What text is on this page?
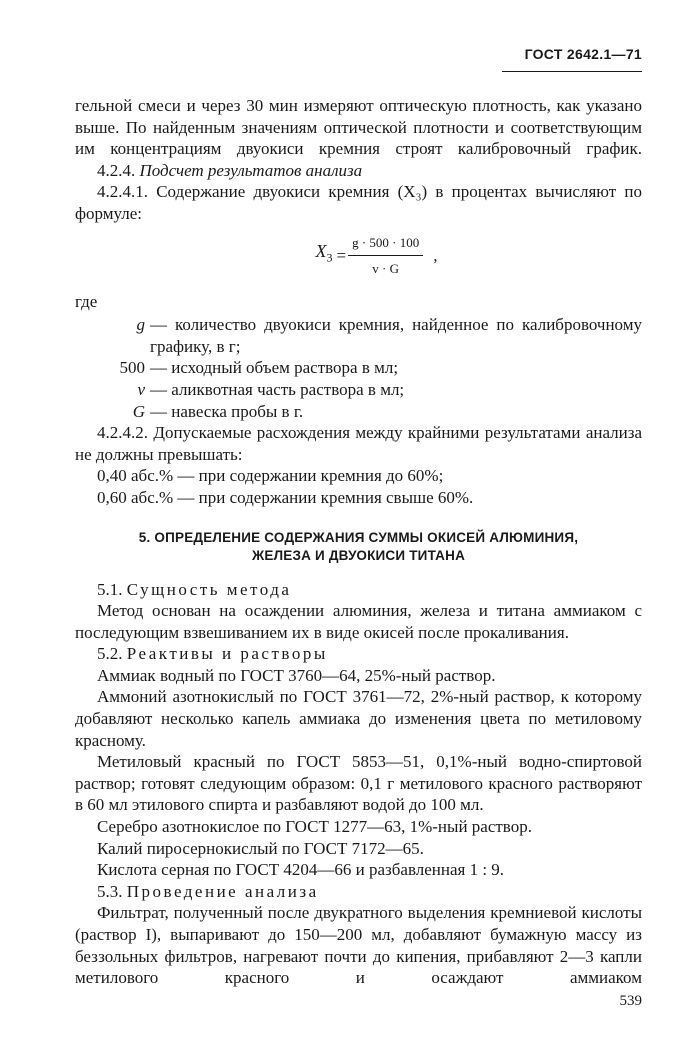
ГОСТ 2642.1—71

гельной смеси и через 30 мин измеряют оптическую плотность, как указано выше. По найденным значениям оптической плотности и соответствующим им концентрациям двуокиси кремния строят калибровочный график.

4.2.4. Подсчет результатов анализа

4.2.4.1. Содержание двуокиси кремния (X₃) в процентах вычисляют по формуле:

$X_3 = \frac{g \cdot 500 \cdot 100}{v \cdot G}$ ,

где

g — количество двуокиси кремния, найденное по калибровочному графику, в г;
500 — исходный объем раствора в мл;
v — аликвотная часть раствора в мл;
G — навеска пробы в г.

4.2.4.2. Допускаемые расхождения между крайними результатами анализа не должны превышать:

0,40 абс.% — при содержании кремния до 60%;

0,60 абс.% — при содержании кремния свыше 60%.

5. ОПРЕДЕЛЕНИЕ СОДЕРЖАНИЯ СУММЫ ОКИСЕЙ АЛЮМИНИЯ,
ЖЕЛЕЗА И ДВУОКИСИ ТИТАНА

5.1. Сущность метода

Метод основан на осаждении алюминия, железа и титана аммиаком с последующим взвешиванием их в виде окисей после прокаливания.

5.2. Реактивы и растворы

Аммиак водный по ГОСТ 3760—64, 25%-ный раствор.

Аммоний азотнокислый по ГОСТ 3761—72, 2%-ный раствор, к которому добавляют несколько капель аммиака до изменения цвета по метиловому красному.

Метиловый красный по ГОСТ 5853—51, 0,1%-ный водно-спиртовой раствор; готовят следующим образом: 0,1 г метилового красного растворяют в 60 мл этилового спирта и разбавляют водой до 100 мл.

Серебро азотнокислое по ГОСТ 1277—63, 1%-ный раствор.

Калий пиросернокислый по ГОСТ 7172—65.

Кислота серная по ГОСТ 4204—66 и разбавленная 1 : 9.

5.3. Проведение анализа

Фильтрат, полученный после двукратного выделения кремниевой кислоты (раствор I), выпаривают до 150—200 мл, добавляют бумажную массу из беззольных фильтров, нагревают почти до кипения, прибавляют 2—3 капли метилового красного и осаждают аммиаком

539
